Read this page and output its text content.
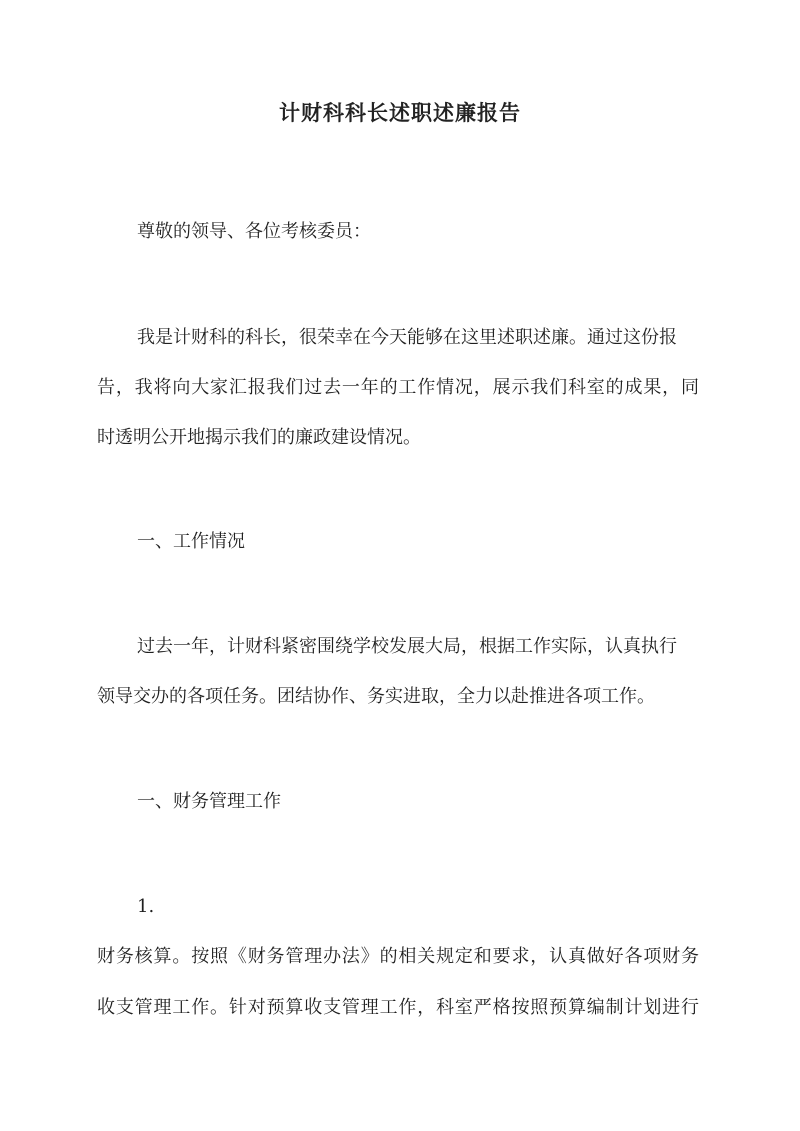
计财科科长述职述廉报告
尊敬的领导、各位考核委员：
我是计财科的科长，很荣幸在今天能够在这里述职述廉。通过这份报
告，我将向大家汇报我们过去一年的工作情况，展示我们科室的成果，同
时透明公开地揭示我们的廉政建设情况。
一、工作情况
过去一年，计财科紧密围绕学校发展大局，根据工作实际，认真执行
领导交办的各项任务。团结协作、务实进取，全力以赴推进各项工作。
一、财务管理工作
1.
财务核算。按照《财务管理办法》的相关规定和要求，认真做好各项财务
收支管理工作。针对预算收支管理工作，科室严格按照预算编制计划进行
